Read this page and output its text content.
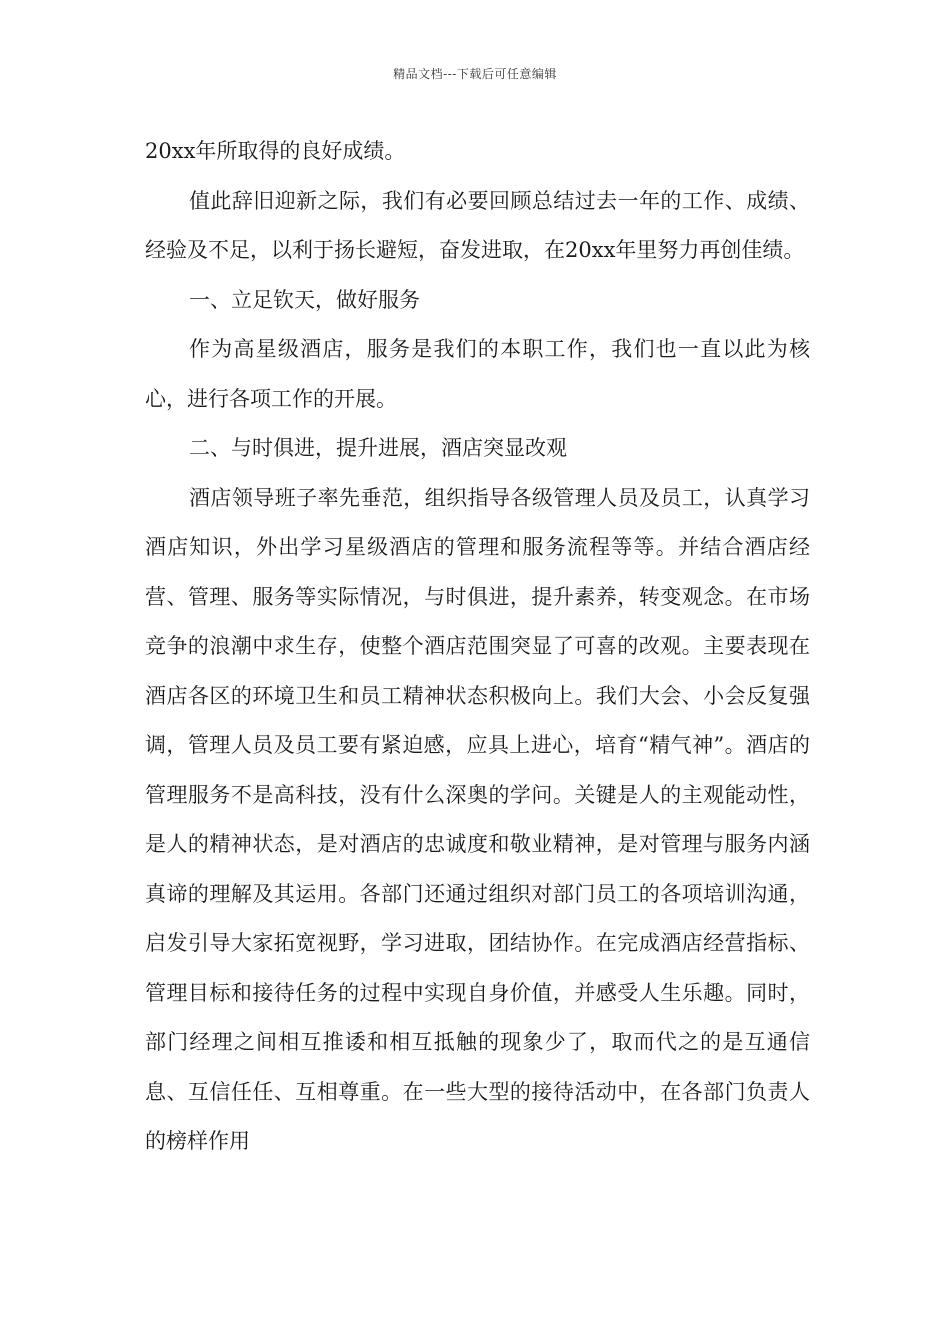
精品文档---下载后可任意编辑

20xx年所取得的良好成绩。

值此辞旧迎新之际，我们有必要回顾总结过去一年的工作、成绩、经验及不足，以利于扬长避短，奋发进取，在20xx年里努力再创佳绩。

一、立足钦天，做好服务

作为高星级酒店，服务是我们的本职工作，我们也一直以此为核心，进行各项工作的开展。

二、与时俱进，提升进展，酒店突显改观

酒店领导班子率先垂范，组织指导各级管理人员及员工，认真学习酒店知识，外出学习星级酒店的管理和服务流程等等。并结合酒店经营、管理、服务等实际情况，与时俱进，提升素养，转变观念。在市场竞争的浪潮中求生存，使整个酒店范围突显了可喜的改观。主要表现在酒店各区的环境卫生和员工精神状态积极向上。我们大会、小会反复强调，管理人员及员工要有紧迫感，应具上进心，培育“精气神”。酒店的管理服务不是高科技，没有什么深奥的学问。关键是人的主观能动性，是人的精神状态，是对酒店的忠诚度和敬业精神，是对管理与服务内涵真谛的理解及其运用。各部门还通过组织对部门员工的各项培训沟通，启发引导大家拓宽视野，学习进取，团结协作。在完成酒店经营指标、管理目标和接待任务的过程中实现自身价值，并感受人生乐趣。同时，部门经理之间相互推诿和相互抵触的现象少了，取而代之的是互通信息、互信任任、互相尊重。在一些大型的接待活动中，在各部门负责人的榜样作用
